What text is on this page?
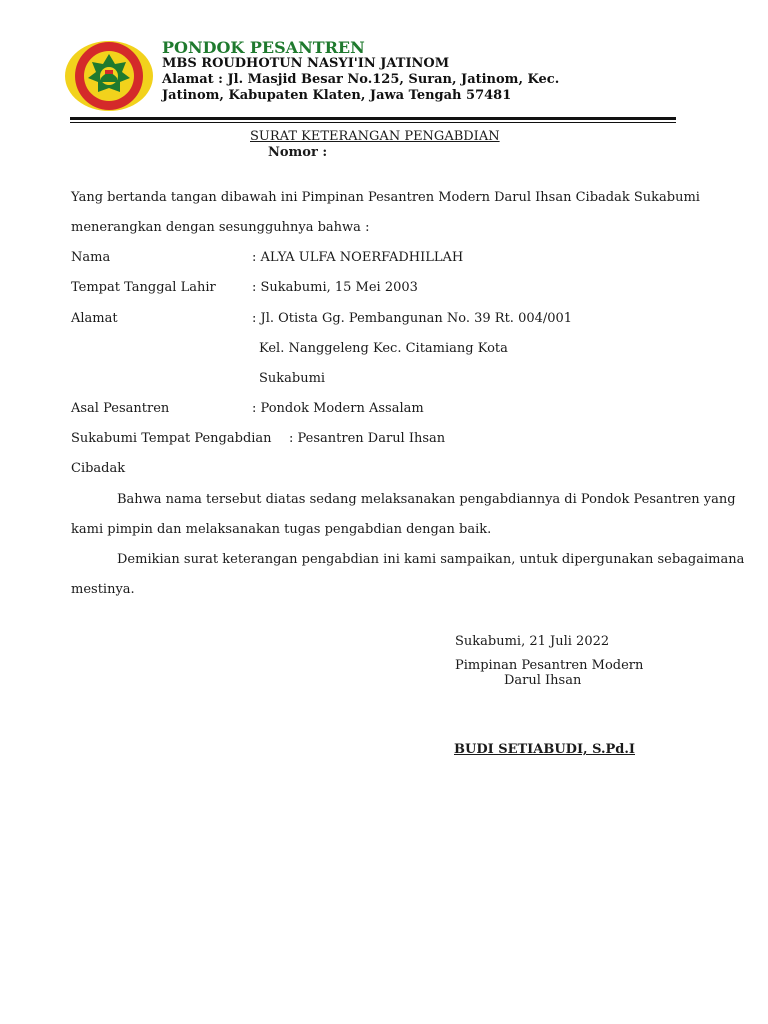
PONDOK PESANTREN
MBS ROUDHOTUN NASYI'IN JATINOM
Alamat : Jl. Masjid Besar No.125, Suran, Jatinom, Kec.
Jatinom, Kabupaten Klaten, Jawa Tengah 57481
SURAT KETERANGAN PENGABDIAN
Nomor :
Yang bertanda tangan dibawah ini Pimpinan Pesantren Modern Darul Ihsan Cibadak Sukabumi
menerangkan dengan sesungguhnya bahwa :
Nama	: ALYA ULFA NOERFADHILLAH
Tempat Tanggal Lahir	: Sukabumi, 15 Mei 2003
Alamat	: Jl. Otista Gg. Pembangunan No. 39 Rt. 004/001
Kel. Nanggeleng Kec. Citamiang Kota
Sukabumi
Asal Pesantren	: Pondok Modern Assalam
Sukabumi Tempat Pengabdian : Pesantren Darul Ihsan
Cibadak
Bahwa nama tersebut diatas sedang melaksanakan pengabdiannya di Pondok Pesantren yang
kami pimpin dan melaksanakan tugas pengabdian dengan baik.
Demikian surat keterangan pengabdian ini kami sampaikan, untuk dipergunakan sebagaimana
mestinya.
Sukabumi, 21 Juli 2022
Pimpinan Pesantren Modern
Darul Ihsan
BUDI SETIABUDI, S.Pd.I
